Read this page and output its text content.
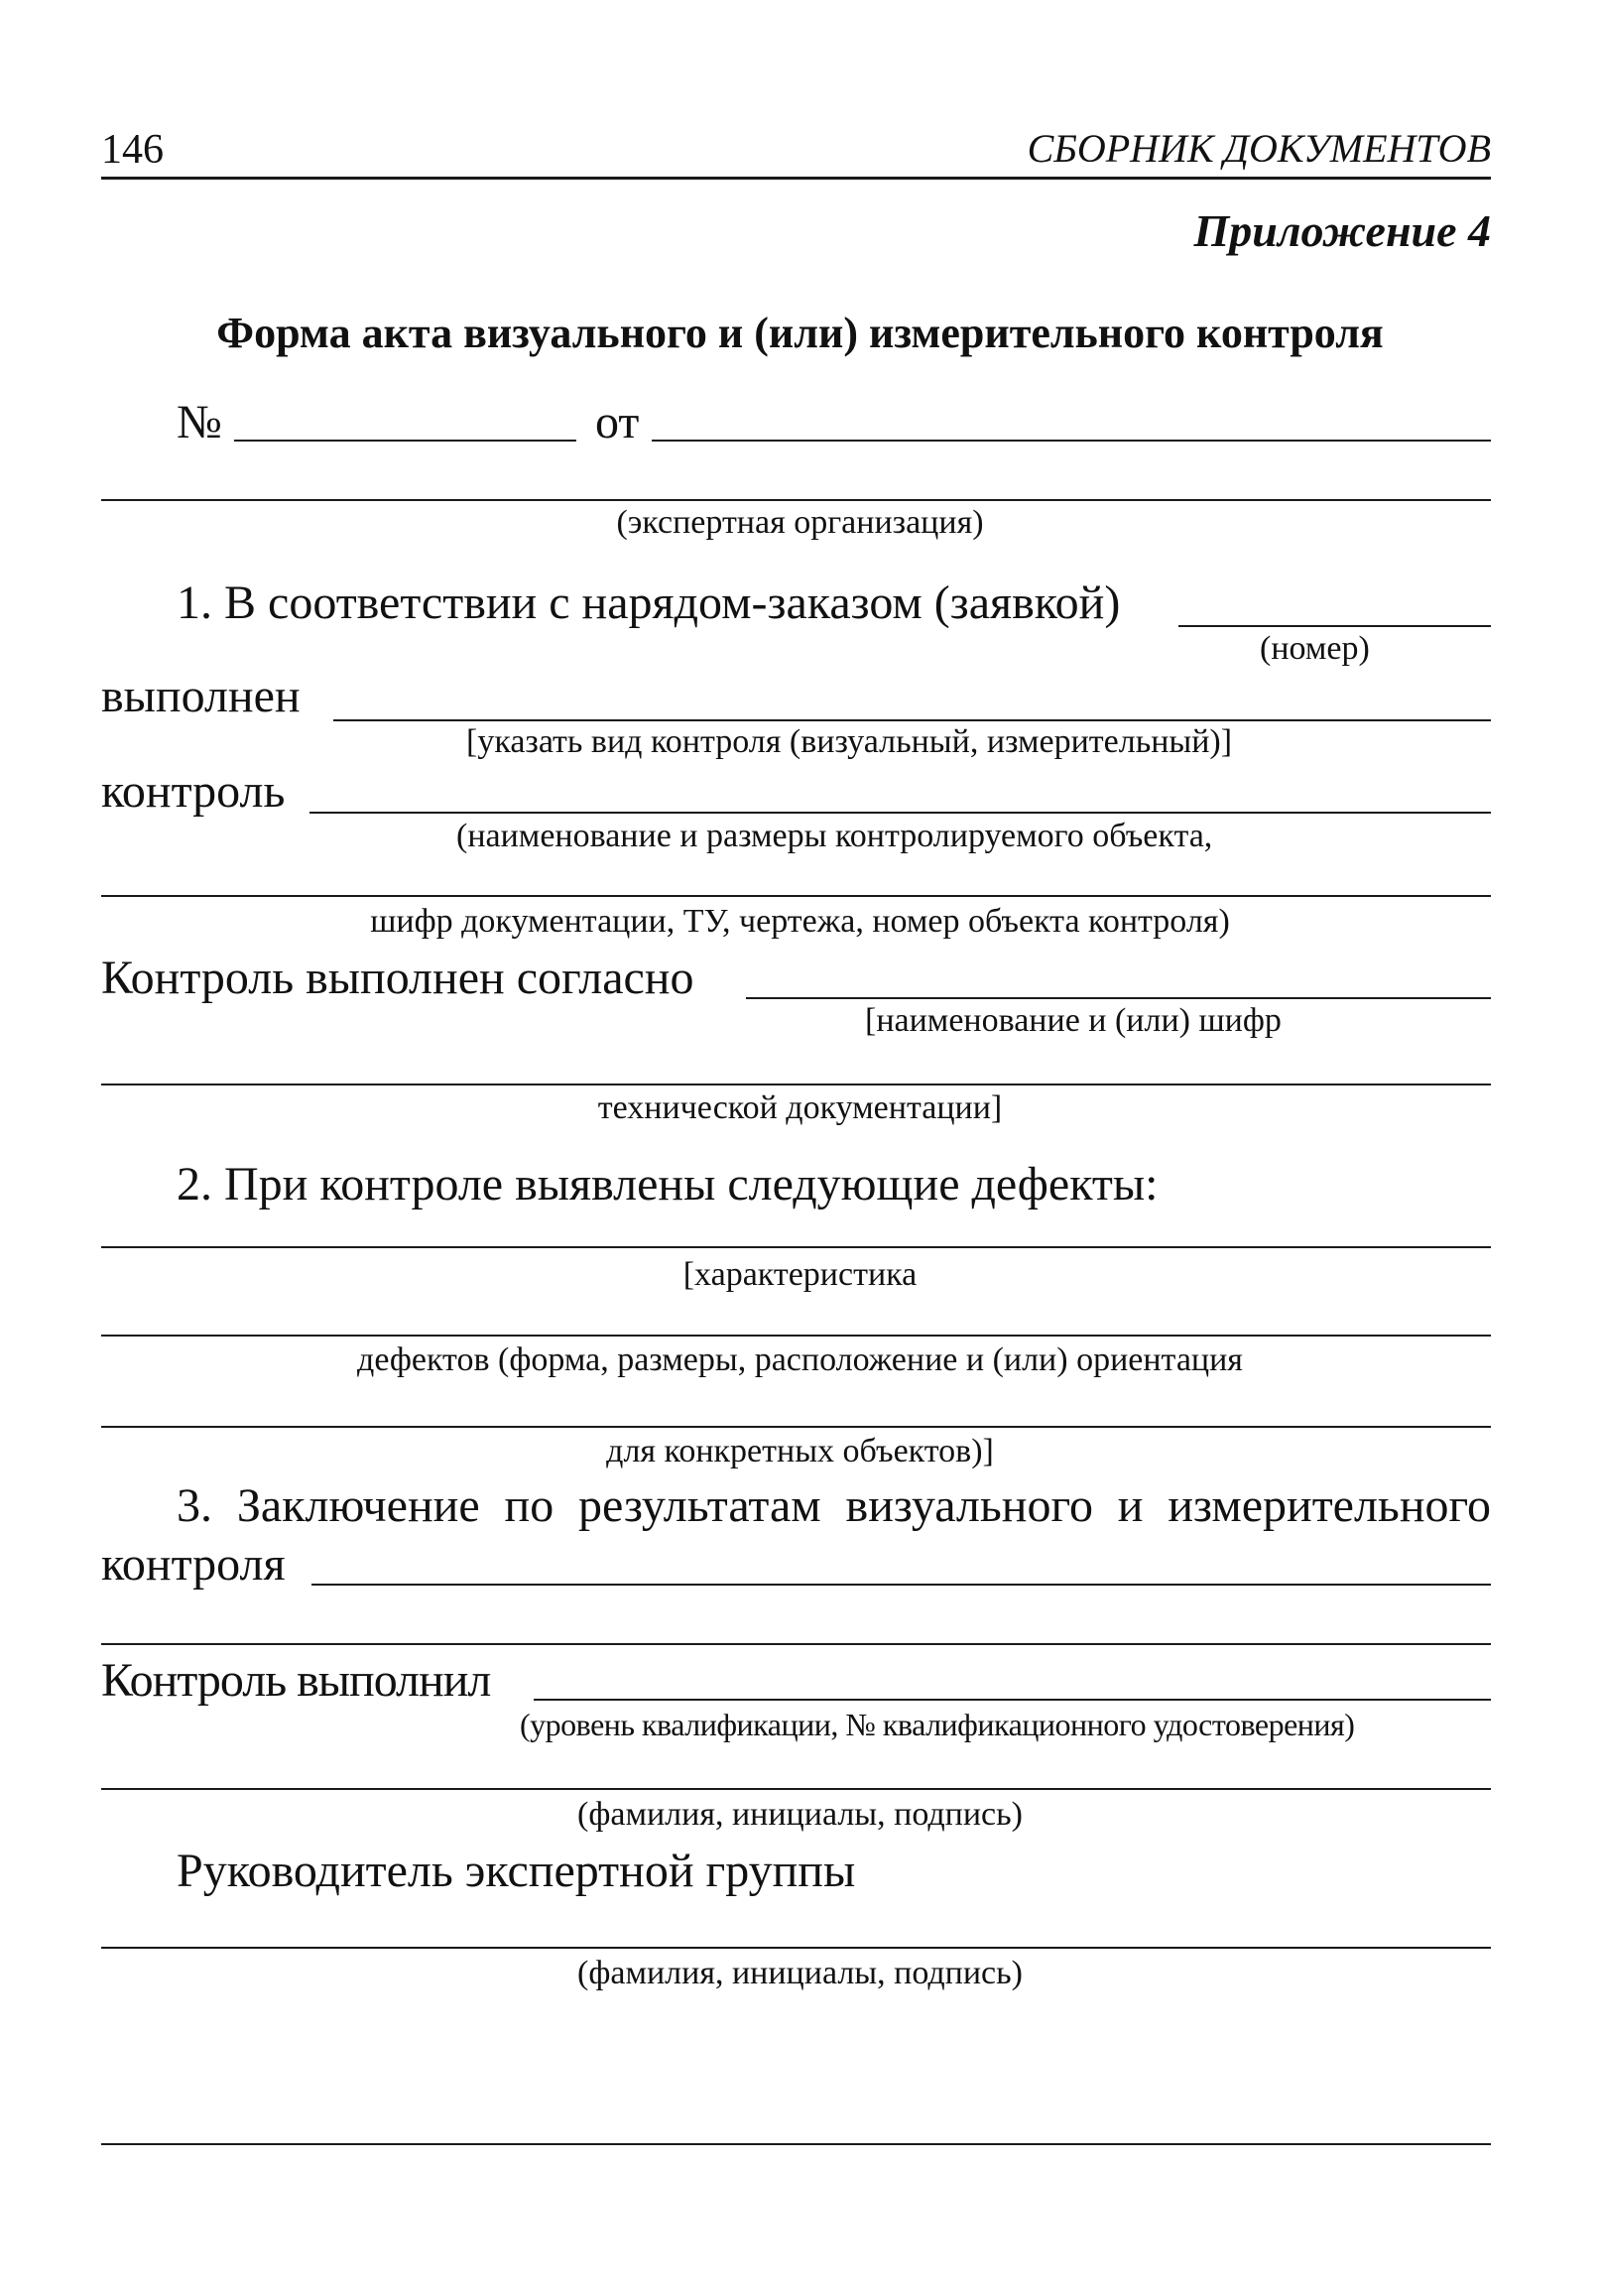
146	СБОРНИК ДОКУМЕНТОВ
Приложение 4
Форма акта визуального и (или) измерительного контроля
№	от
(экспертная организация)
1. В соответствии с нарядом-заказом (заявкой)
(номер)
выполнен
[указать вид контроля (визуальный, измерительный)]
контроль
(наименование и размеры контролируемого объекта,
шифр документации, ТУ, чертежа, номер объекта контроля)
Контроль выполнен согласно
[наименование и (или) шифр
технической документации]
2. При контроле выявлены следующие дефекты:
[характеристика
дефектов (форма, размеры, расположение и (или) ориентация
для конкретных объектов)]
3. Заключение по результатам визуального и измерительного
контроля
Контроль выполнил
(уровень квалификации, № квалификационного удостоверения)
(фамилия, инициалы, подпись)
Руководитель экспертной группы
(фамилия, инициалы, подпись)
